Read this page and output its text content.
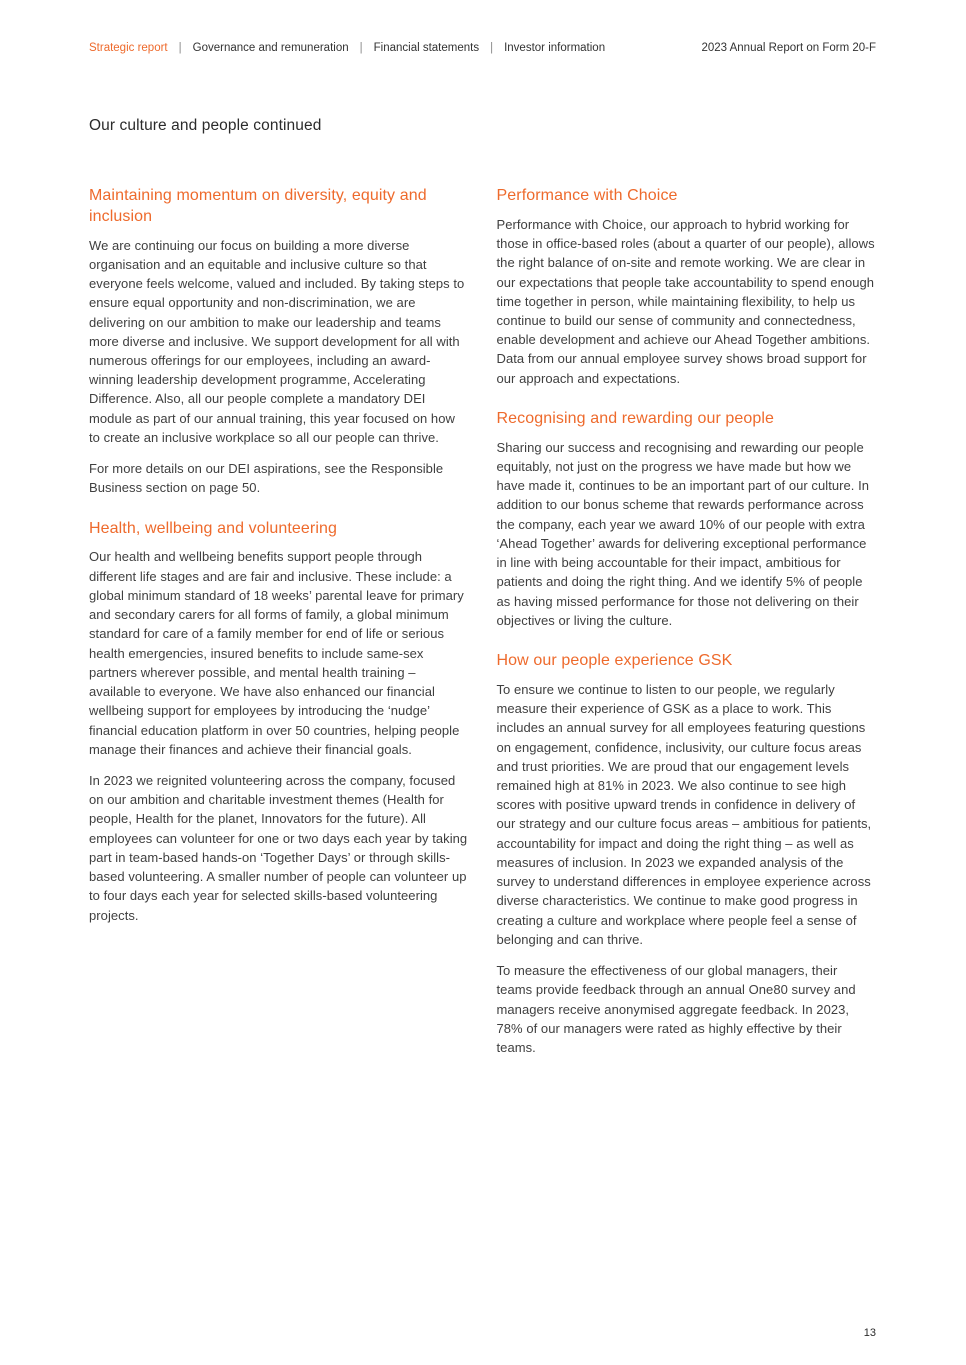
Strategic report | Governance and remuneration | Financial statements | Investor information	2023 Annual Report on Form 20-F
Our culture and people continued
Maintaining momentum on diversity, equity and inclusion

We are continuing our focus on building a more diverse organisation and an equitable and inclusive culture so that everyone feels welcome, valued and included. By taking steps to ensure equal opportunity and non-discrimination, we are delivering on our ambition to make our leadership and teams more diverse and inclusive. We support development for all with numerous offerings for our employees, including an award-winning leadership development programme, Accelerating Difference. Also, all our people complete a mandatory DEI module as part of our annual training, this year focused on how to create an inclusive workplace so all our people can thrive.

For more details on our DEI aspirations, see the Responsible Business section on page 50.

Health, wellbeing and volunteering

Our health and wellbeing benefits support people through different life stages and are fair and inclusive. These include: a global minimum standard of 18 weeks’ parental leave for primary and secondary carers for all forms of family, a global minimum standard for care of a family member for end of life or serious health emergencies, insured benefits to include same-sex partners wherever possible, and mental health training – available to everyone. We have also enhanced our financial wellbeing support for employees by introducing the ‘nudge’ financial education platform in over 50 countries, helping people manage their finances and achieve their financial goals.

In 2023 we reignited volunteering across the company, focused on our ambition and charitable investment themes (Health for people, Health for the planet, Innovators for the future). All employees can volunteer for one or two days each year by taking part in team-based hands-on ‘Together Days’ or through skills-based volunteering. A smaller number of people can volunteer up to four days each year for selected skills-based volunteering projects.

Performance with Choice

Performance with Choice, our approach to hybrid working for those in office-based roles (about a quarter of our people), allows the right balance of on-site and remote working. We are clear in our expectations that people take accountability to spend enough time together in person, while maintaining flexibility, to help us continue to build our sense of community and connectedness, enable development and achieve our Ahead Together ambitions. Data from our annual employee survey shows broad support for our approach and expectations.

Recognising and rewarding our people

Sharing our success and recognising and rewarding our people equitably, not just on the progress we have made but how we have made it, continues to be an important part of our culture. In addition to our bonus scheme that rewards performance across the company, each year we award 10% of our people with extra ‘Ahead Together’ awards for delivering exceptional performance in line with being accountable for their impact, ambitious for patients and doing the right thing. And we identify 5% of people as having missed performance for those not delivering on their objectives or living the culture.

How our people experience GSK

To ensure we continue to listen to our people, we regularly measure their experience of GSK as a place to work. This includes an annual survey for all employees featuring questions on engagement, confidence, inclusivity, our culture focus areas and trust priorities. We are proud that our engagement levels remained high at 81% in 2023. We also continue to see high scores with positive upward trends in confidence in delivery of our strategy and our culture focus areas – ambitious for patients, accountability for impact and doing the right thing – as well as measures of inclusion. In 2023 we expanded analysis of the survey to understand differences in employee experience across diverse characteristics. We continue to make good progress in creating a culture and workplace where people feel a sense of belonging and can thrive.

To measure the effectiveness of our global managers, their teams provide feedback through an annual One80 survey and managers receive anonymised aggregate feedback. In 2023, 78% of our managers were rated as highly effective by their teams.

13
